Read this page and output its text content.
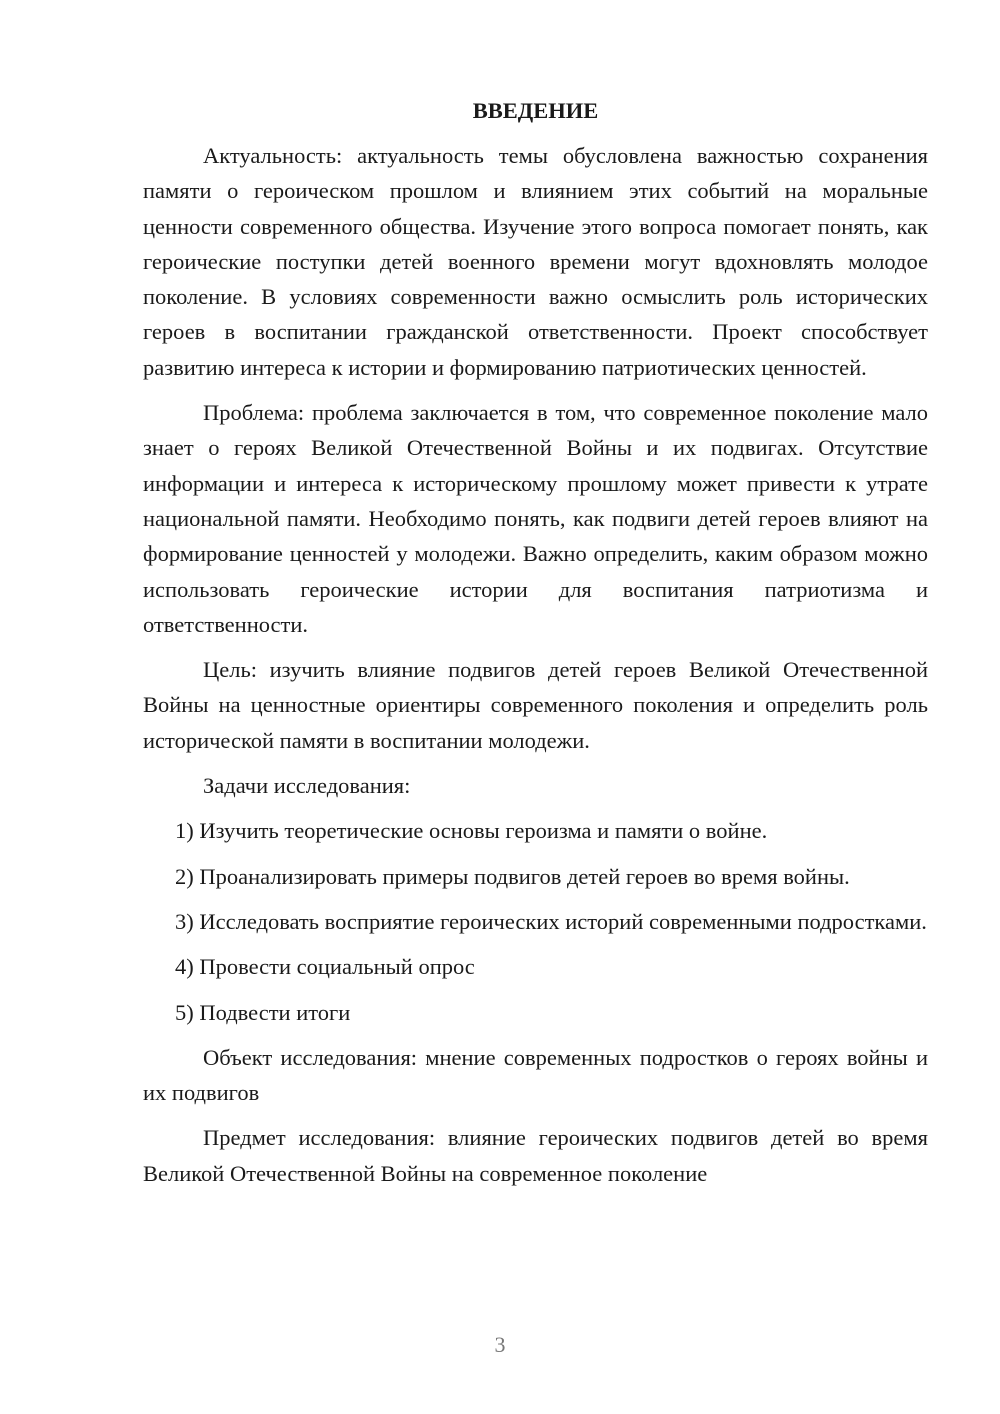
ВВЕДЕНИЕ

Актуальность: актуальность темы обусловлена важностью сохранения памяти о героическом прошлом и влиянием этих событий на моральные ценности современного общества. Изучение этого вопроса помогает понять, как героические поступки детей военного времени могут вдохновлять молодое поколение. В условиях современности важно осмыслить роль исторических героев в воспитании гражданской ответственности. Проект способствует развитию интереса к истории и формированию патриотических ценностей.

Проблема: проблема заключается в том, что современное поколение мало знает о героях Великой Отечественной Войны и их подвигах. Отсутствие информации и интереса к историческому прошлому может привести к утрате национальной памяти. Необходимо понять, как подвиги детей героев влияют на формирование ценностей у молодежи. Важно определить, каким образом можно использовать героические истории для воспитания патриотизма и ответственности.

Цель: изучить влияние подвигов детей героев Великой Отечественной Войны на ценностные ориентиры современного поколения и определить роль исторической памяти в воспитании молодежи.

Задачи исследования:

1) Изучить теоретические основы героизма и памяти о войне.

2) Проанализировать примеры подвигов детей героев во время войны.

3) Исследовать восприятие героических историй современными подростками.

4) Провести социальный опрос

5) Подвести итоги

Объект исследования: мнение современных подростков о героях войны и их подвигов

Предмет исследования: влияние героических подвигов детей во время Великой Отечественной Войны на современное поколение

3
